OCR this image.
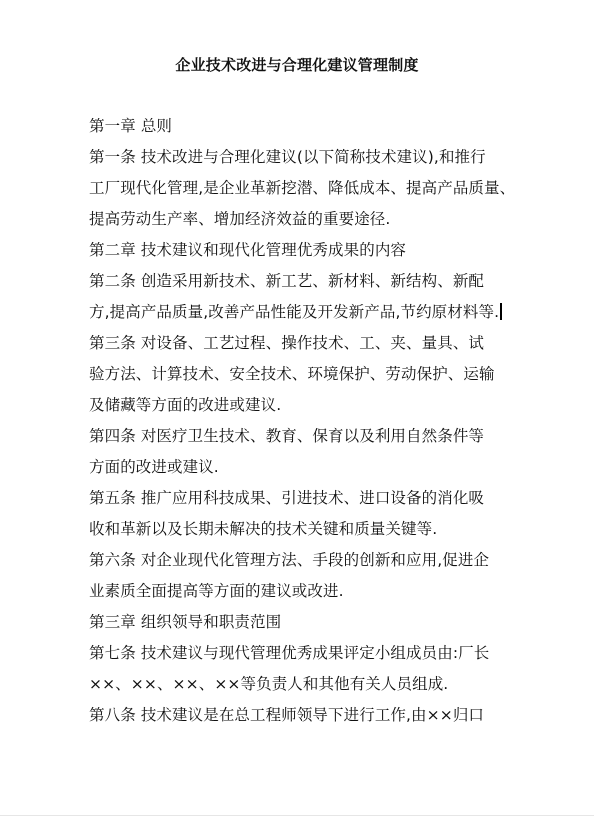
企业技术改进与合理化建议管理制度
第一章 总则
第一条 技术改进与合理化建议(以下简称技术建议),和推行
工厂现代化管理,是企业革新挖潜、降低成本、提高产品质量、
提高劳动生产率、增加经济效益的重要途径.
第二章 技术建议和现代化管理优秀成果的内容
第二条 创造采用新技术、新工艺、新材料、新结构、新配
方,提高产品质量,改善产品性能及开发新产品,节约原材料等.
第三条 对设备、工艺过程、操作技术、工、夹、量具、试
验方法、计算技术、安全技术、环境保护、劳动保护、运输
及储藏等方面的改进或建议.
第四条 对医疗卫生技术、教育、保育以及利用自然条件等
方面的改进或建议.
第五条 推广应用科技成果、引进技术、进口设备的消化吸
收和革新以及长期未解决的技术关键和质量关键等.
第六条 对企业现代化管理方法、手段的创新和应用,促进企
业素质全面提高等方面的建议或改进.
第三章 组织领导和职责范围
第七条 技术建议与现代管理优秀成果评定小组成员由:厂长
××、××、××、××等负责人和其他有关人员组成.
第八条 技术建议是在总工程师领导下进行工作,由××归口
